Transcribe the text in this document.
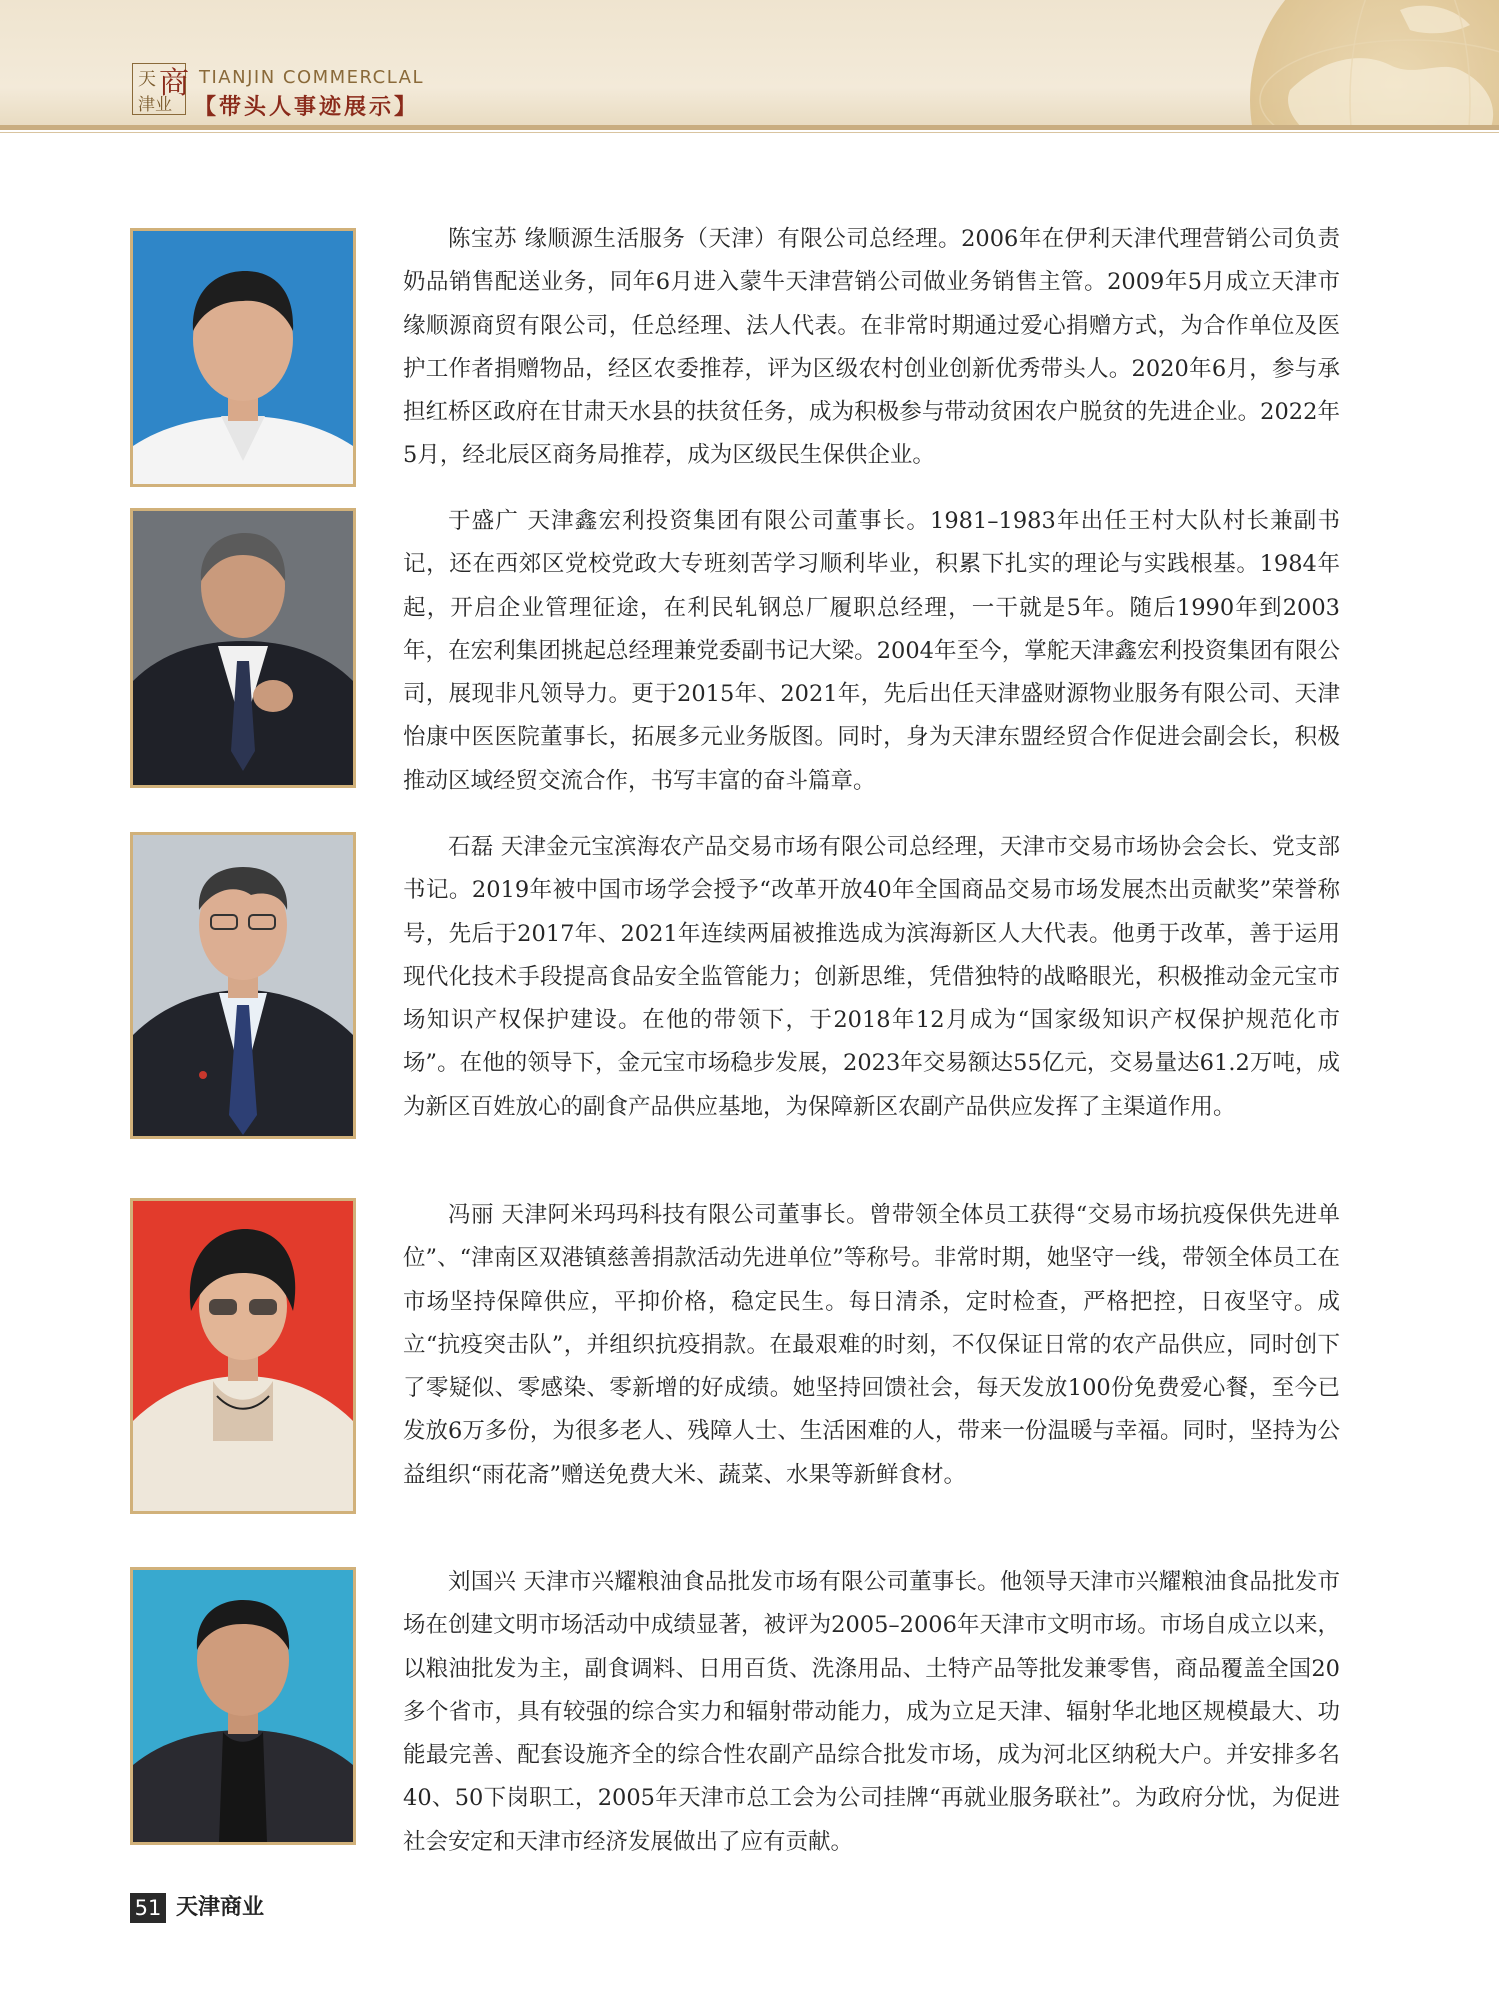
天 商
津业
TIANJIN COMMERCLAL
【带头人事迹展示】

陈宝苏 缘顺源生活服务（天津）有限公司总经理。2006年在伊利天津代理营销公司负责奶品销售配送业务，同年6月进入蒙牛天津营销公司做业务销售主管。2009年5月成立天津市缘顺源商贸有限公司，任总经理、法人代表。在非常时期通过爱心捐赠方式，为合作单位及医护工作者捐赠物品，经区农委推荐，评为区级农村创业创新优秀带头人。2020年6月，参与承担红桥区政府在甘肃天水县的扶贫任务，成为积极参与带动贫困农户脱贫的先进企业。2022年5月，经北辰区商务局推荐，成为区级民生保供企业。

于盛广 天津鑫宏利投资集团有限公司董事长。1981–1983年出任王村大队村长兼副书记，还在西郊区党校党政大专班刻苦学习顺利毕业，积累下扎实的理论与实践根基。1984年起，开启企业管理征途，在利民轧钢总厂履职总经理，一干就是5年。随后1990年到2003年，在宏利集团挑起总经理兼党委副书记大梁。2004年至今，掌舵天津鑫宏利投资集团有限公司，展现非凡领导力。更于2015年、2021年，先后出任天津盛财源物业服务有限公司、天津怡康中医医院董事长，拓展多元业务版图。同时，身为天津东盟经贸合作促进会副会长，积极推动区域经贸交流合作，书写丰富的奋斗篇章。

石磊 天津金元宝滨海农产品交易市场有限公司总经理，天津市交易市场协会会长、党支部书记。2019年被中国市场学会授予“改革开放40年全国商品交易市场发展杰出贡献奖”荣誉称号，先后于2017年、2021年连续两届被推选成为滨海新区人大代表。他勇于改革，善于运用现代化技术手段提高食品安全监管能力；创新思维，凭借独特的战略眼光，积极推动金元宝市场知识产权保护建设。在他的带领下，于2018年12月成为“国家级知识产权保护规范化市场”。在他的领导下，金元宝市场稳步发展，2023年交易额达55亿元，交易量达61.2万吨，成为新区百姓放心的副食产品供应基地，为保障新区农副产品供应发挥了主渠道作用。

冯丽 天津阿米玛玛科技有限公司董事长。曾带领全体员工获得“交易市场抗疫保供先进单位”、“津南区双港镇慈善捐款活动先进单位”等称号。非常时期，她坚守一线，带领全体员工在市场坚持保障供应，平抑价格，稳定民生。每日清杀，定时检查，严格把控，日夜坚守。成立“抗疫突击队”，并组织抗疫捐款。在最艰难的时刻，不仅保证日常的农产品供应，同时创下了零疑似、零感染、零新增的好成绩。她坚持回馈社会，每天发放100份免费爱心餐，至今已发放6万多份，为很多老人、残障人士、生活困难的人，带来一份温暖与幸福。同时，坚持为公益组织“雨花斋”赠送免费大米、蔬菜、水果等新鲜食材。

刘国兴 天津市兴耀粮油食品批发市场有限公司董事长。他领导天津市兴耀粮油食品批发市场在创建文明市场活动中成绩显著，被评为2005–2006年天津市文明市场。市场自成立以来，以粮油批发为主，副食调料、日用百货、洗涤用品、土特产品等批发兼零售，商品覆盖全国20多个省市，具有较强的综合实力和辐射带动能力，成为立足天津、辐射华北地区规模最大、功能最完善、配套设施齐全的综合性农副产品综合批发市场，成为河北区纳税大户。并安排多名40、50下岗职工，2005年天津市总工会为公司挂牌“再就业服务联社”。为政府分忧，为促进社会安定和天津市经济发展做出了应有贡献。

51 天津商业
